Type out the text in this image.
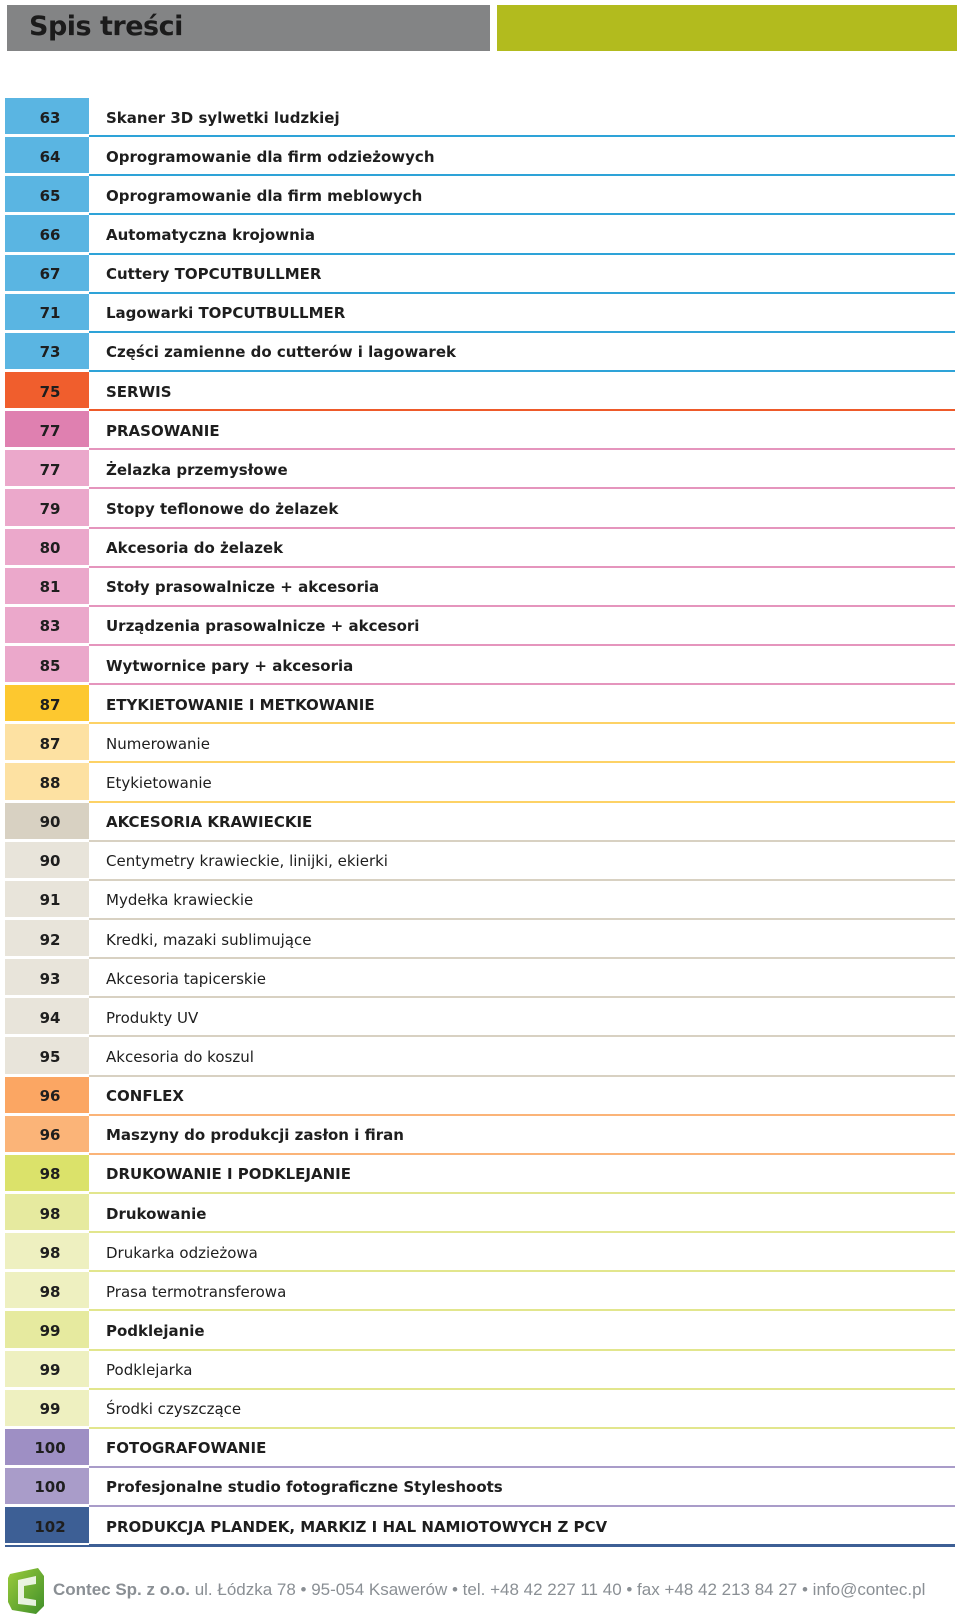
Spis treści
63	Skaner 3D sylwetki ludzkiej
64	Oprogramowanie dla firm odzieżowych
65	Oprogramowanie dla firm meblowych
66	Automatyczna krojownia
67	Cuttery TOPCUTBULLMER
71	Lagowarki TOPCUTBULLMER
73	Części zamienne do cutterów i lagowarek
75	SERWIS
77	PRASOWANIE
77	Żelazka przemysłowe
79	Stopy teflonowe do żelazek
80	Akcesoria do żelazek
81	Stoły prasowalnicze + akcesoria
83	Urządzenia prasowalnicze + akcesori
85	Wytwornice pary + akcesoria
87	ETYKIETOWANIE I METKOWANIE
87	Numerowanie
88	Etykietowanie
90	AKCESORIA KRAWIECKIE
90	Centymetry krawieckie, linijki, ekierki
91	Mydełka krawieckie
92	Kredki, mazaki sublimujące
93	Akcesoria tapicerskie
94	Produkty UV
95	Akcesoria do koszul
96	CONFLEX
96	Maszyny do produkcji zasłon i firan
98	DRUKOWANIE I PODKLEJANIE
98	Drukowanie
98	Drukarka odzieżowa
98	Prasa termotransferowa
99	Podklejanie
99	Podklejarka
99	Środki czyszczące
100	FOTOGRAFOWANIE
100	Profesjonalne studio fotograficzne Styleshoots
102	PRODUKCJA PLANDEK, MARKIZ I HAL NAMIOTOWYCH Z PCV
Contec Sp. z o.o. ul. Łódzka 78 • 95-054 Ksawerów • tel. +48 42 227 11 40 • fax +48 42 213 84 27 • info@contec.pl
